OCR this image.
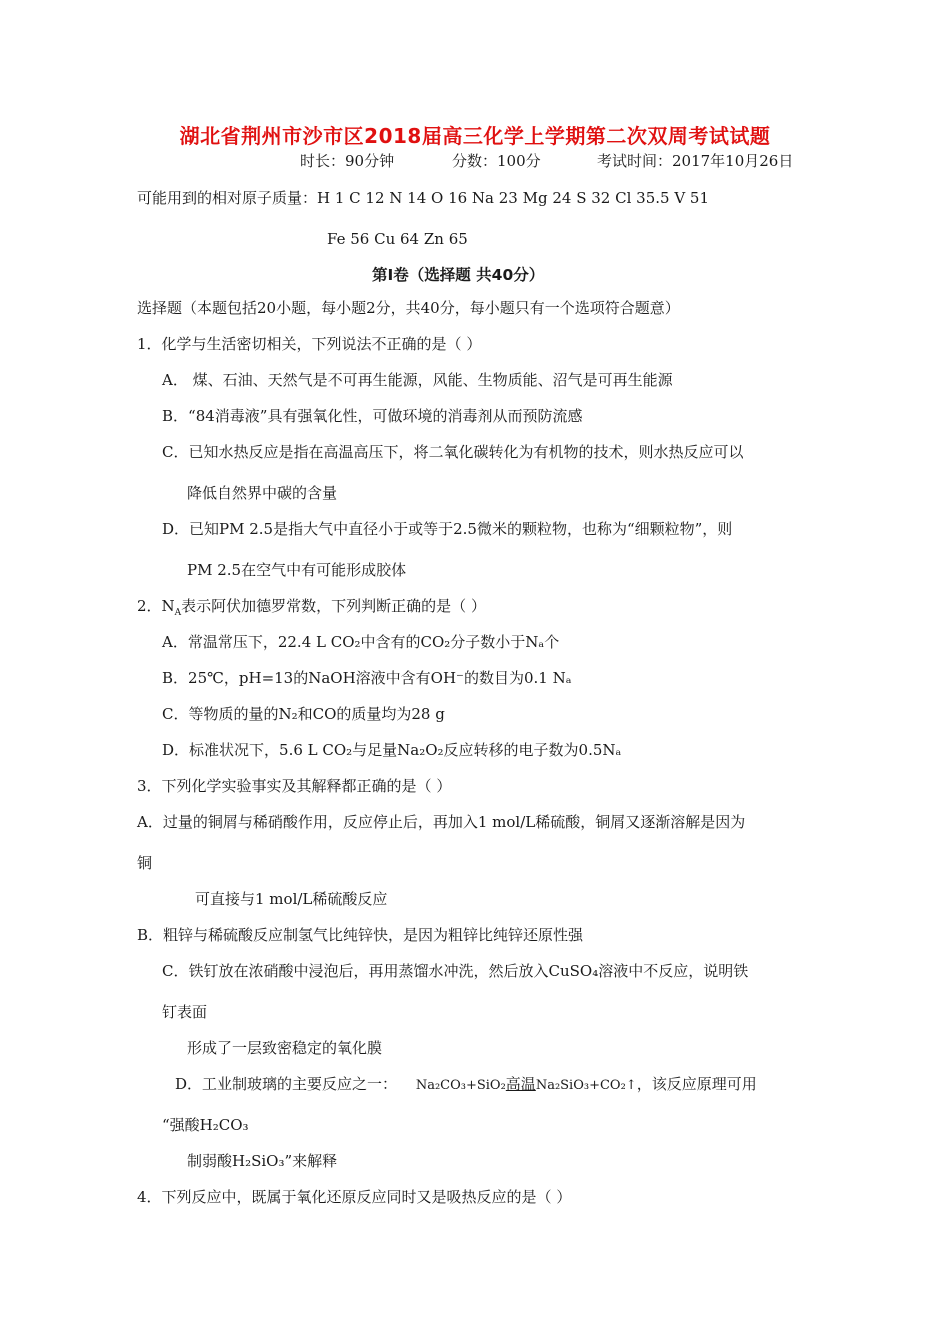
湖北省荆州市沙市区2018届高三化学上学期第二次双周考试试题
时长：90分钟	分数：100分	考试时间：2017年10月26日
可能用到的相对原子质量：H 1 C 12 N 14 O 16 Na 23 Mg 24 S 32 Cl 35.5 V 51
Fe 56 Cu 64 Zn 65
第Ⅰ卷（选择题 共40分）
选择题（本题包括20小题，每小题2分，共40分，每小题只有一个选项符合题意）
1．化学与生活密切相关，下列说法不正确的是（ ）
A． 煤、石油、天然气是不可再生能源，风能、生物质能、沼气是可再生能源
B．“84消毒液”具有强氧化性，可做环境的消毒剂从而预防流感
C．已知水热反应是指在高温高压下，将二氧化碳转化为有机物的技术，则水热反应可以
降低自然界中碳的含量
D．已知PM 2.5是指大气中直径小于或等于2.5微米的颗粒物，也称为“细颗粒物”，则
PM 2.5在空气中有可能形成胶体
2．$N_A$表示阿伏加德罗常数，下列判断正确的是（ ）
A．常温常压下，22.4 L CO₂中含有的CO₂分子数小于Nₐ个
B．25℃，pH=13的NaOH溶液中含有OH⁻的数目为0.1 Nₐ
C．等物质的量的N₂和CO的质量均为28 g
D．标准状况下，5.6 L CO₂与足量Na₂O₂反应转移的电子数为0.5Nₐ
3．下列化学实验事实及其解释都正确的是（ ）
A．过量的铜屑与稀硝酸作用，反应停止后，再加入1 mol/L稀硫酸，铜屑又逐渐溶解是因为
铜
可直接与1 mol/L稀硫酸反应
B．粗锌与稀硫酸反应制氢气比纯锌快，是因为粗锌比纯锌还原性强
C．铁钉放在浓硝酸中浸泡后，再用蒸馏水冲洗，然后放入CuSO₄溶液中不反应，说明铁
钉表面
形成了一层致密稳定的氧化膜
D．工业制玻璃的主要反应之一： Na₂CO₃+SiO₂高温Na₂SiO₃+CO₂↑，该反应原理可用
“强酸H₂CO₃
制弱酸H₂SiO₃”来解释
4．下列反应中，既属于氧化还原反应同时又是吸热反应的是（ ）
